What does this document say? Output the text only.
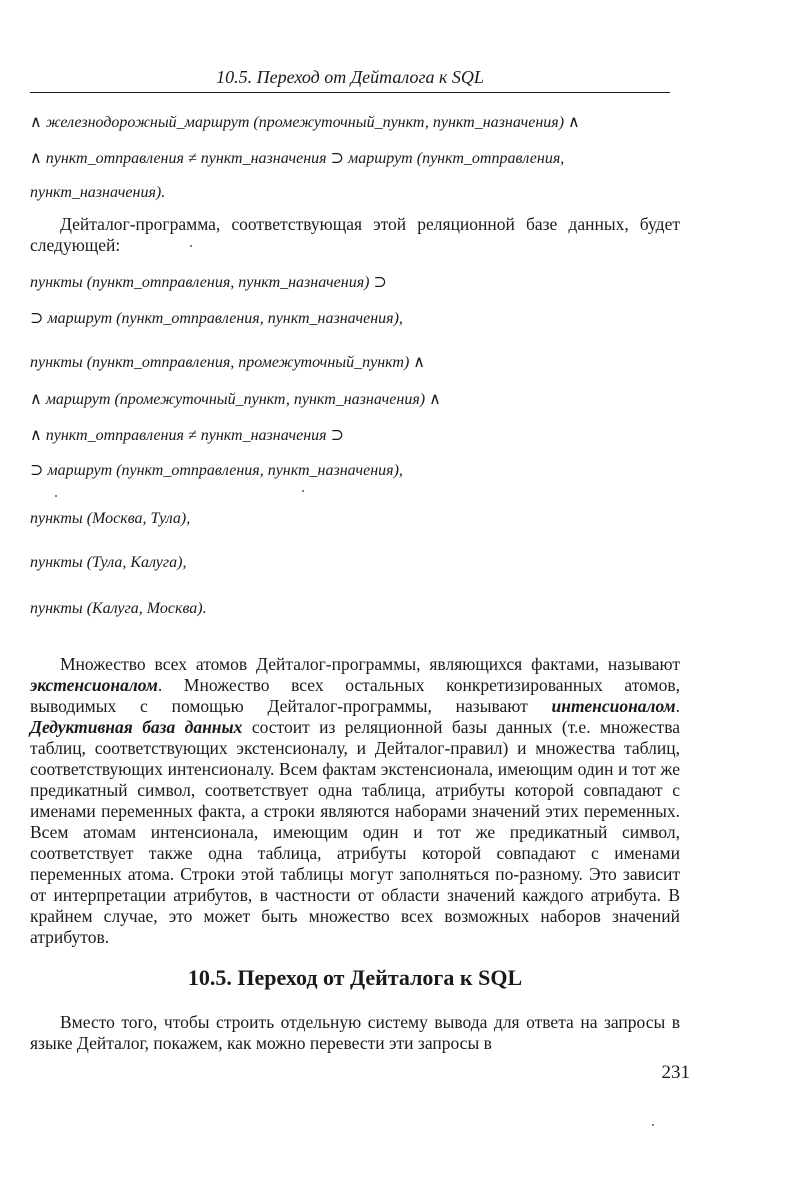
10.5. Переход от Дейталога к SQL
∧ железнодорожный_маршрут (промежуточный_пункт, пункт_назначения) ∧
∧ пункт_отправления ≠ пункт_назначения ⊃ маршрут (пункт_отправления,
пункт_назначения).
Дейталог-программа, соответствующая этой реляционной базе данных, будет следующей:
пункты (пункт_отправления, пункт_назначения) ⊃
⊃ маршрут (пункт_отправления, пункт_назначения),
пункты (пункт_отправления, промежуточный_пункт) ∧
∧ маршрут (промежуточный_пункт, пункт_назначения) ∧
∧ пункт_отправления ≠ пункт_назначения ⊃
⊃ маршрут (пункт_отправления, пункт_назначения),
пункты (Москва, Тула),
пункты (Тула, Калуга),
пункты (Калуга, Москва).
Множество всех атомов Дейталог-программы, являющихся фактами, называют экстенсионалом. Множество всех остальных конкретизированных атомов, выводимых с помощью Дейталог-программы, называют интенсионалом. Дедуктивная база данных состоит из реляционной базы данных (т.е. множества таблиц, соответствующих экстенсионалу, и Дейталог-правил) и множества таблиц, соответствующих интенсионалу. Всем фактам экстенсионала, имеющим один и тот же предикатный символ, соответствует одна таблица, атрибуты которой совпадают с именами переменных факта, а строки являются наборами значений этих переменных. Всем атомам интенсионала, имеющим один и тот же предикатный символ, соответствует также одна таблица, атрибуты которой совпадают с именами переменных атома. Строки этой таблицы могут заполняться по-разному. Это зависит от интерпретации атрибутов, в частности от области значений каждого атрибута. В крайнем случае, это может быть множество всех возможных наборов значений атрибутов.
10.5. Переход от Дейталога к SQL
Вместо того, чтобы строить отдельную систему вывода для ответа на запросы в языке Дейталог, покажем, как можно перевести эти запросы в
231
